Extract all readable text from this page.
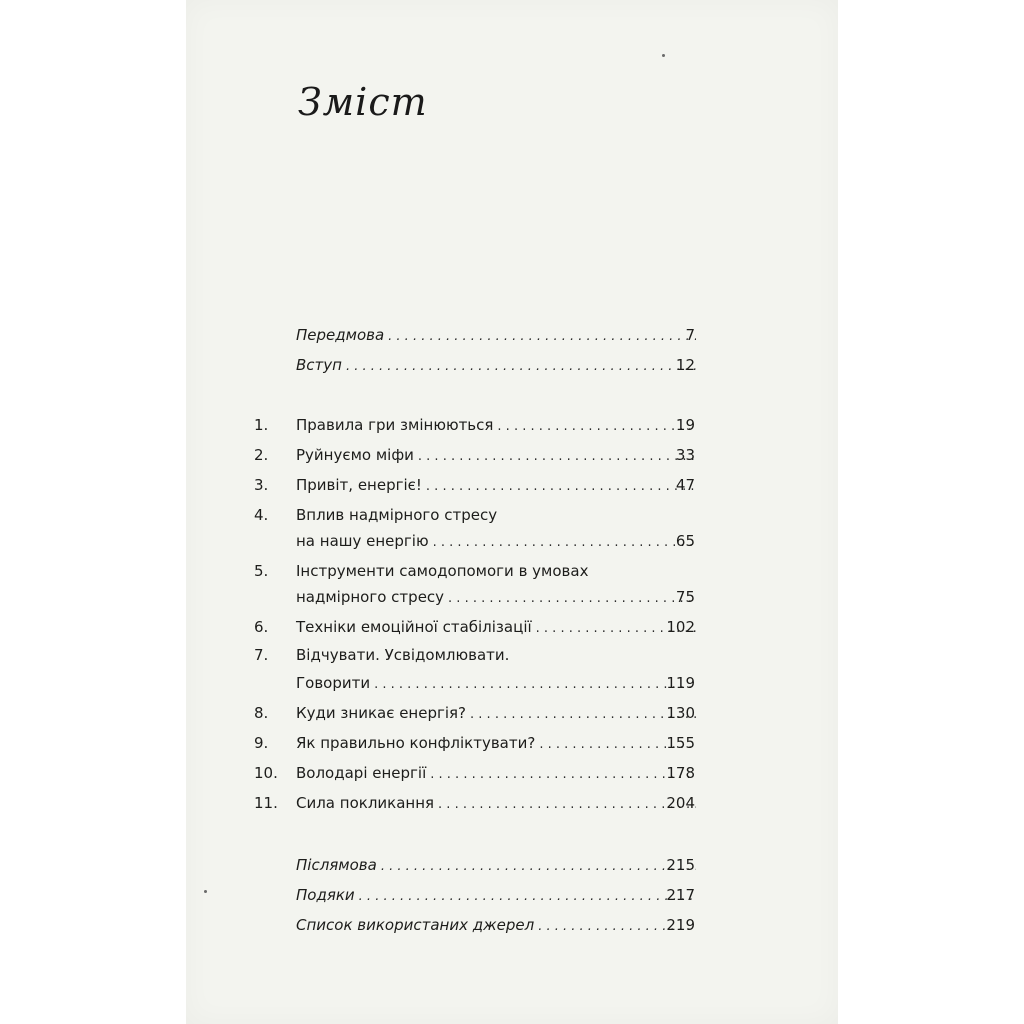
Зміст
Передмова . . .	7
Вступ . . .	12
1. Правила гри змінюються . . .	19
2. Руйнуємо міфи . . .	33
3. Привіт, енергіє! . . .	47
4. Вплив надмірного стресу
на нашу енергію . . .	65
5. Інструменти самодопомоги в умовах
надмірного стресу . . .	75
6. Техніки емоційної стабілізації . . .	102
7. Відчувати. Усвідомлювати.
Говорити . . .	119
8. Куди зникає енергія? . . .	130
9. Як правильно конфліктувати? . . .	155
10. Володарі енергії . . .	178
11. Сила покликання . . .	204
Післямова . . .	215
Подяки . . .	217
Список використаних джерел . . .	219
